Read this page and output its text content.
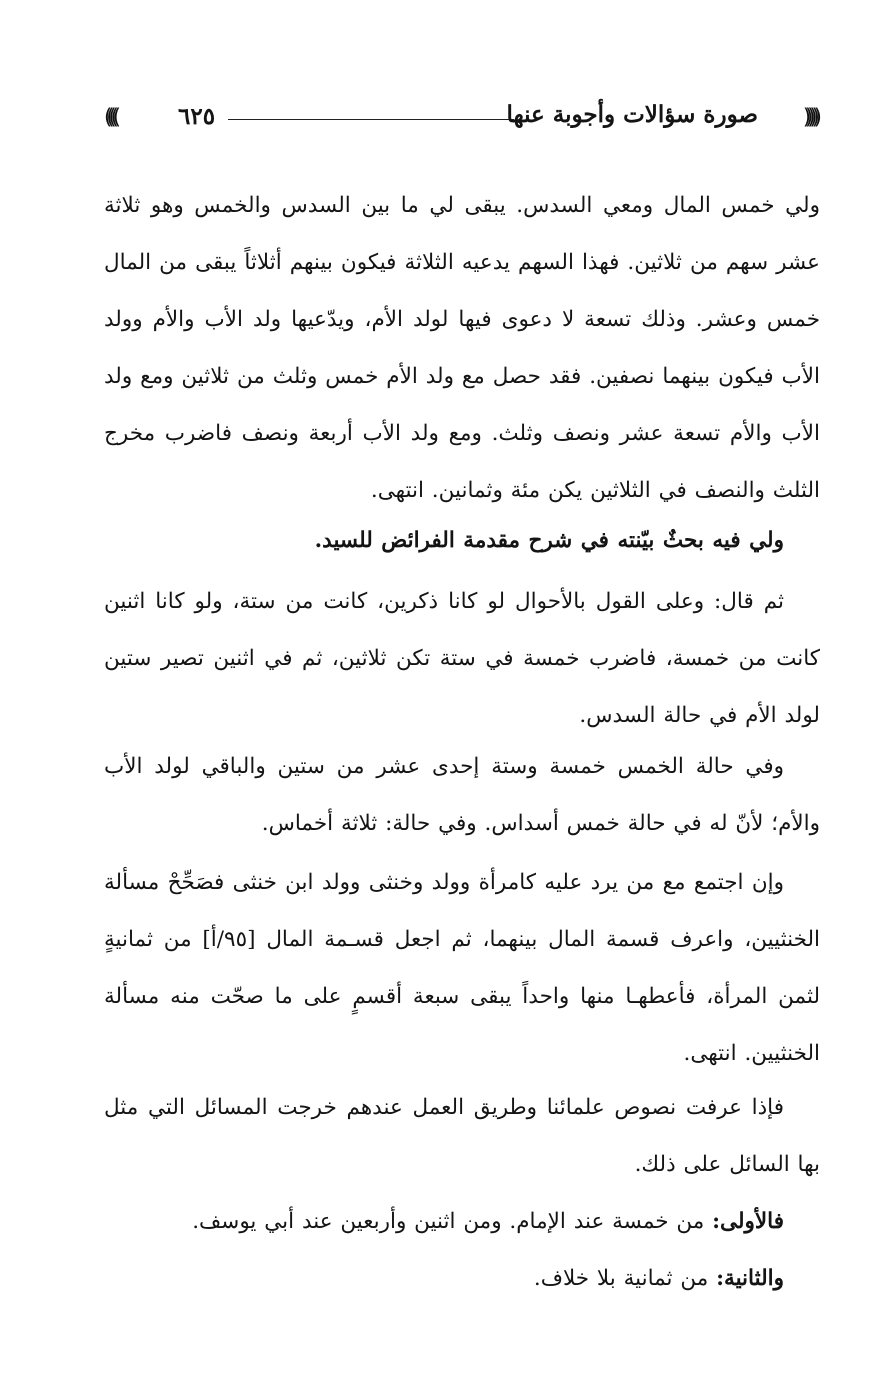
(((((	٦٢٥	صورة سؤالات وأجوبة عنها ))))))

ولي خمس المال ومعي السدس. يبقى لي ما بين السدس والخمس وهو ثلاثة عشر سهم من ثلاثين. فهذا السهم يدعيه الثلاثة فيكون بينهم أثلاثاً يبقى من المال خمس وعشر. وذلك تسعة لا دعوى فيها لولد الأم، ويدّعيها ولد الأب والأم وولد الأب فيكون بينهما نصفين. فقد حصل مع ولد الأم خمس وثلث من ثلاثين ومع ولد الأب والأم تسعة عشر ونصف وثلث. ومع ولد الأب أربعة ونصف فاضرب مخرج الثلث والنصف في الثلاثين يكن مئة وثمانين. انتهى.

ولي فيه بحثٌ بيّنته في شرح مقدمة الفرائض للسيد.

ثم قال: وعلى القول بالأحوال لو كانا ذكرين، كانت من ستة، ولو كانا اثنين كانت من خمسة، فاضرب خمسة في ستة تكن ثلاثين، ثم في اثنين تصير ستين لولد الأم في حالة السدس.

وفي حالة الخمس خمسة وستة إحدى عشر من ستين والباقي لولد الأب والأم؛ لأنّ له في حالة خمس أسداس. وفي حالة: ثلاثة أخماس.

وإن اجتمع مع من يرد عليه كامرأة وولد وخنثى وولد ابن خنثى فصَحِّحْ مسألة الخنثيين، واعرف قسمة المال بينهما، ثم اجعل قسـمة المال [٩٥/أ] من ثمانيةٍ لثمن المرأة، فأعطهـا منها واحداً يبقى سبعة أقسمٍ على ما صحّت منه مسألة الخنثيين. انتهى.

فإذا عرفت نصوص علمائنا وطريق العمل عندهم خرجت المسائل التي مثل بها السائل على ذلك.

فالأولى: من خمسة عند الإمام. ومن اثنين وأربعين عند أبي يوسف.

والثانية: من ثمانية بلا خلاف.
